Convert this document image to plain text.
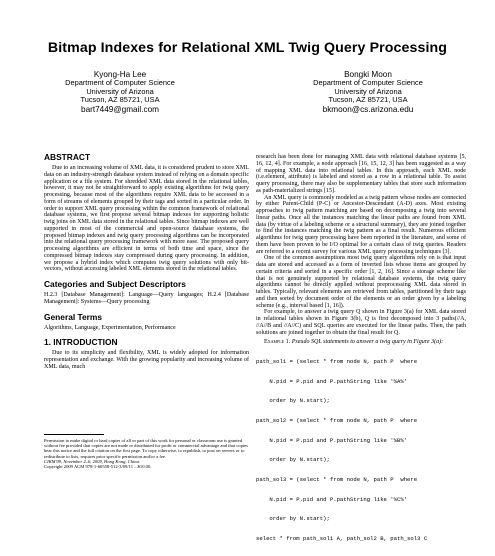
Bitmap Indexes for Relational XML Twig Query Processing
Kyong-Ha Lee
Department of Computer Science
University of Arizona
Tucson, AZ 85721, USA
bart7449@gmail.com
Bongki Moon
Department of Computer Science
University of Arizona
Tucson, AZ 85721, USA
bkmoon@cs.arizona.edu
ABSTRACT

Due to an increasing volume of XML data, it is considered prudent to store XML data on an industry-strength database system instead of relying on a domain specific application or a file system. For shredded XML data stored in the relational tables, however, it may not be straightforward to apply existing algorithms for twig query processing, because most of the algorithms require XML data to be accessed in a form of streams of elements grouped by their tags and sorted in a particular order. In order to support XML query processing within the common framework of relational database systems, we first propose several bitmap indexes for supporting holistic twig joins on XML data stored in the relational tables. Since bitmap indexes are well supported in most of the commercial and open-source database systems, the proposed bitmap indexes and twig query processing algorithms can be incorporated into the relational query processing framework with more ease. The proposed query processing algorithms are efficient in terms of both time and space, since the compressed bitmap indexes stay compressed during query processing. In addition, we propose a hybrid index which computes twig query solutions with only bit-vectors, without accessing labeled XML elements stored in the relational tables.

Categories and Subject Descriptors

H.2.3 [Database Management]: Language—Query languages; H.2.4 [Database Management]: Systems—Query processing

General Terms

Algorithms, Language, Experimentation, Performance

1. INTRODUCTION

Due to its simplicity and flexibility, XML is widely adopted for information representation and exchange. With the growing popularity and increasing volume of XML data, much

Permission to make digital or hard copies of all or part of this work for personal or classroom use is granted without fee provided that copies are not made or distributed for profit or commercial advantage and that copies bear this notice and the full citation on the first page. To copy otherwise, to republish, to post on servers or to redistribute to lists, requires prior specific permission and/or a fee.

CIKM'09, November 2–6, 2009, Hong Kong, China.

Copyright 2009 ACM 978-1-60558-512-3/09/11 ...$10.00.

research has been done for managing XML data with relational database systems [5, 16, 12, 4]. For example, a node approach [16, 15, 12, 3] has been suggested as a way of mapping XML data into relational tables. In this approach, each XML node (i.e.element, attribute) is labeled and stored as a row in a relational table. To assist query processing, there may also be supplementary tables that store such information as path-materialized strings [15].

An XML query is commonly modeled as a twig pattern whose nodes are connected by either Parent-Child (P-C) or Ancestor-Descendant (A-D) axes. Most existing approaches to twig pattern matching are based on decomposing a twig into several linear paths. Once all the instances matching the linear paths are found from XML data (by virtue of a labeling scheme or a structural summary), they are joined together to find the instances matching the twig pattern as a final result. Numerous efficient algorithms for twig query processing have been reported in the literature, and some of them have been proven to be I/O optimal for a certain class of twig queries. Readers are referred to a recent survey for various XML query processing techniques [3].

One of the common assumptions most twig query algorithms rely on is that input data are stored and accessed as a form of inverted lists whose items are grouped by certain criteria and sorted in a specific order [1, 2, 16]. Since a storage scheme like that is not genuinely supported by relational database systems, the twig query algorithms cannot be directly applied without preprocessing XML data stored in tables. Typically, relevant elements are retrieved from tables, partitioned by their tags and then sorted by document order of the elements or an order given by a labeling scheme (e.g., interval based [1, 16]).

For example, to answer a twig query Q shown in Figure 3(a) for XML data stored in relational tables shown in Figure 3(b), Q is first decomposed into 3 paths(//A, //A//B and //A//C) and SQL queries are executed for the linear paths. Then, the path solutions are joined together to obtain the final result for Q.

Example 1. Pseudo SQL statements to answer a twig query in Figure 3(a):

path_sol1 = (select * from node N, path P  where

N.pid = P.pid and P.pathString like '%A%'

order by N.start);

path_sol2 = (select * from node N, path P  where

N.pid = P.pid and P.pathString like '%B%'

order by N.start);

path_sol3 = (select * from node N, path P  where

N.pid = P.pid and P.pathString like '%C%'

order by N.start);

select * from path_sol1 A, path_sol2 B, path_sol3 C
